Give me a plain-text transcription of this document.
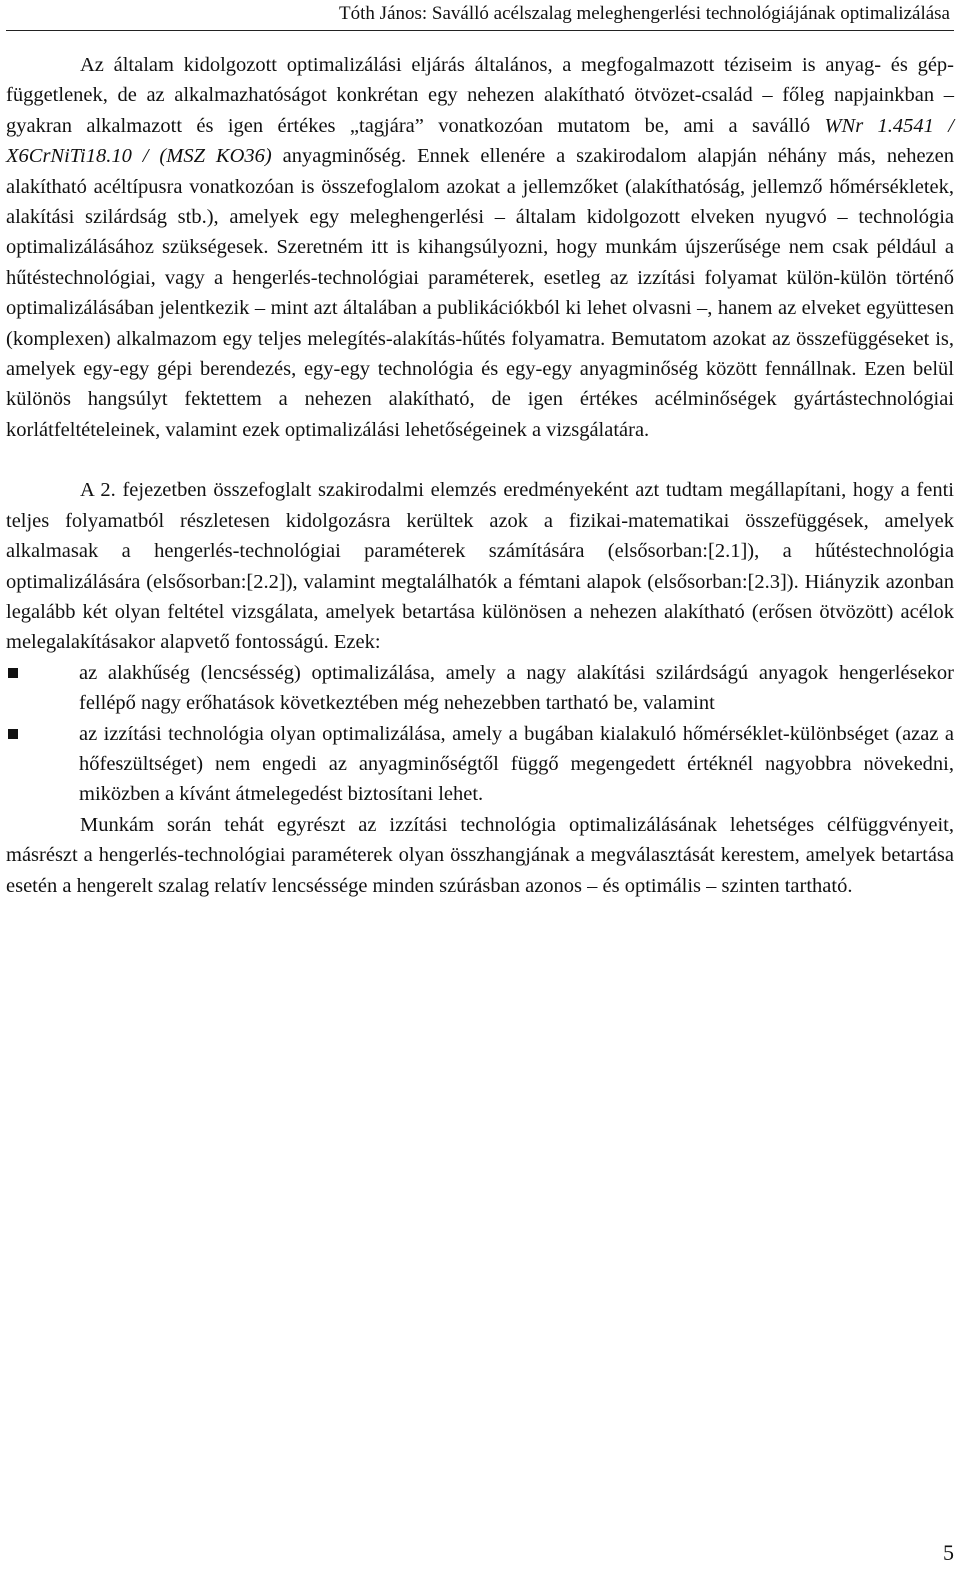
Tóth János: Saválló acélszalag meleghengerlési technológiájának optimalizálása

Az általam kidolgozott optimalizálási eljárás általános, a megfogalmazott téziseim is anyag- és gép-függetlenek, de az alkalmazhatóságot konkrétan egy nehezen alakítható ötvözet-család – főleg napjainkban – gyakran alkalmazott és igen értékes „tagjára” vonatkozóan mutatom be, ami a saválló WNr 1.4541 / X6CrNiTi18.10 / (MSZ KO36) anyagminőség. Ennek ellenére a szakirodalom alapján néhány más, nehezen alakítható acéltípusra vonatkozóan is összefoglalom azokat a jellemzőket (alakíthatóság, jellemző hőmérsékletek, alakítási szilárdság stb.), amelyek egy meleghengerlési – általam kidolgozott elveken nyugvó – technológia optimalizálásához szükségesek. Szeretném itt is kihangsúlyozni, hogy munkám újszerűsége nem csak például a hűtéstechnológiai, vagy a hengerlés-technológiai paraméterek, esetleg az izzítási folyamat külön-külön történő optimalizálásában jelentkezik – mint azt általában a publikációkból ki lehet olvasni –, hanem az elveket együttesen (komplexen) alkalmazom egy teljes melegítés-alakítás-hűtés folyamatra. Bemutatom azokat az összefüggéseket is, amelyek egy-egy gépi berendezés, egy-egy technológia és egy-egy anyagminőség között fennállnak. Ezen belül különös hangsúlyt fektettem a nehezen alakítható, de igen értékes acélminőségek gyártástechnológiai korlátfeltételeinek, valamint ezek optimalizálási lehetőségeinek a vizsgálatára.

A 2. fejezetben összefoglalt szakirodalmi elemzés eredményeként azt tudtam megállapítani, hogy a fenti teljes folyamatból részletesen kidolgozásra kerültek azok a fizikai-matematikai összefüggések, amelyek alkalmasak a hengerlés-technológiai paraméterek számítására (elsősorban:[2.1]), a hűtéstechnológia optimalizálására (elsősorban:[2.2]), valamint megtalálhatók a fémtani alapok (elsősorban:[2.3]). Hiányzik azonban legalább két olyan feltétel vizsgálata, amelyek betartása különösen a nehezen alakítható (erősen ötvözött) acélok melegalakításakor alapvető fontosságú. Ezek:

az alakhűség (lencsésség) optimalizálása, amely a nagy alakítási szilárdságú anyagok hengerlésekor fellépő nagy erőhatások következtében még nehezebben tartható be, valamint
az izzítási technológia olyan optimalizálása, amely a bugában kialakuló hőmérséklet-különbséget (azaz a hőfeszültséget) nem engedi az anyagminőségtől függő megengedett értéknél nagyobbra növekedni, miközben a kívánt átmelegedést biztosítani lehet.

Munkám során tehát egyrészt az izzítási technológia optimalizálásának lehetséges célfüggvényeit, másrészt a hengerlés-technológiai paraméterek olyan összhangjának a megválasztását kerestem, amelyek betartása esetén a hengerelt szalag relatív lencséssége minden szúrásban azonos – és optimális – szinten tartható.

5
